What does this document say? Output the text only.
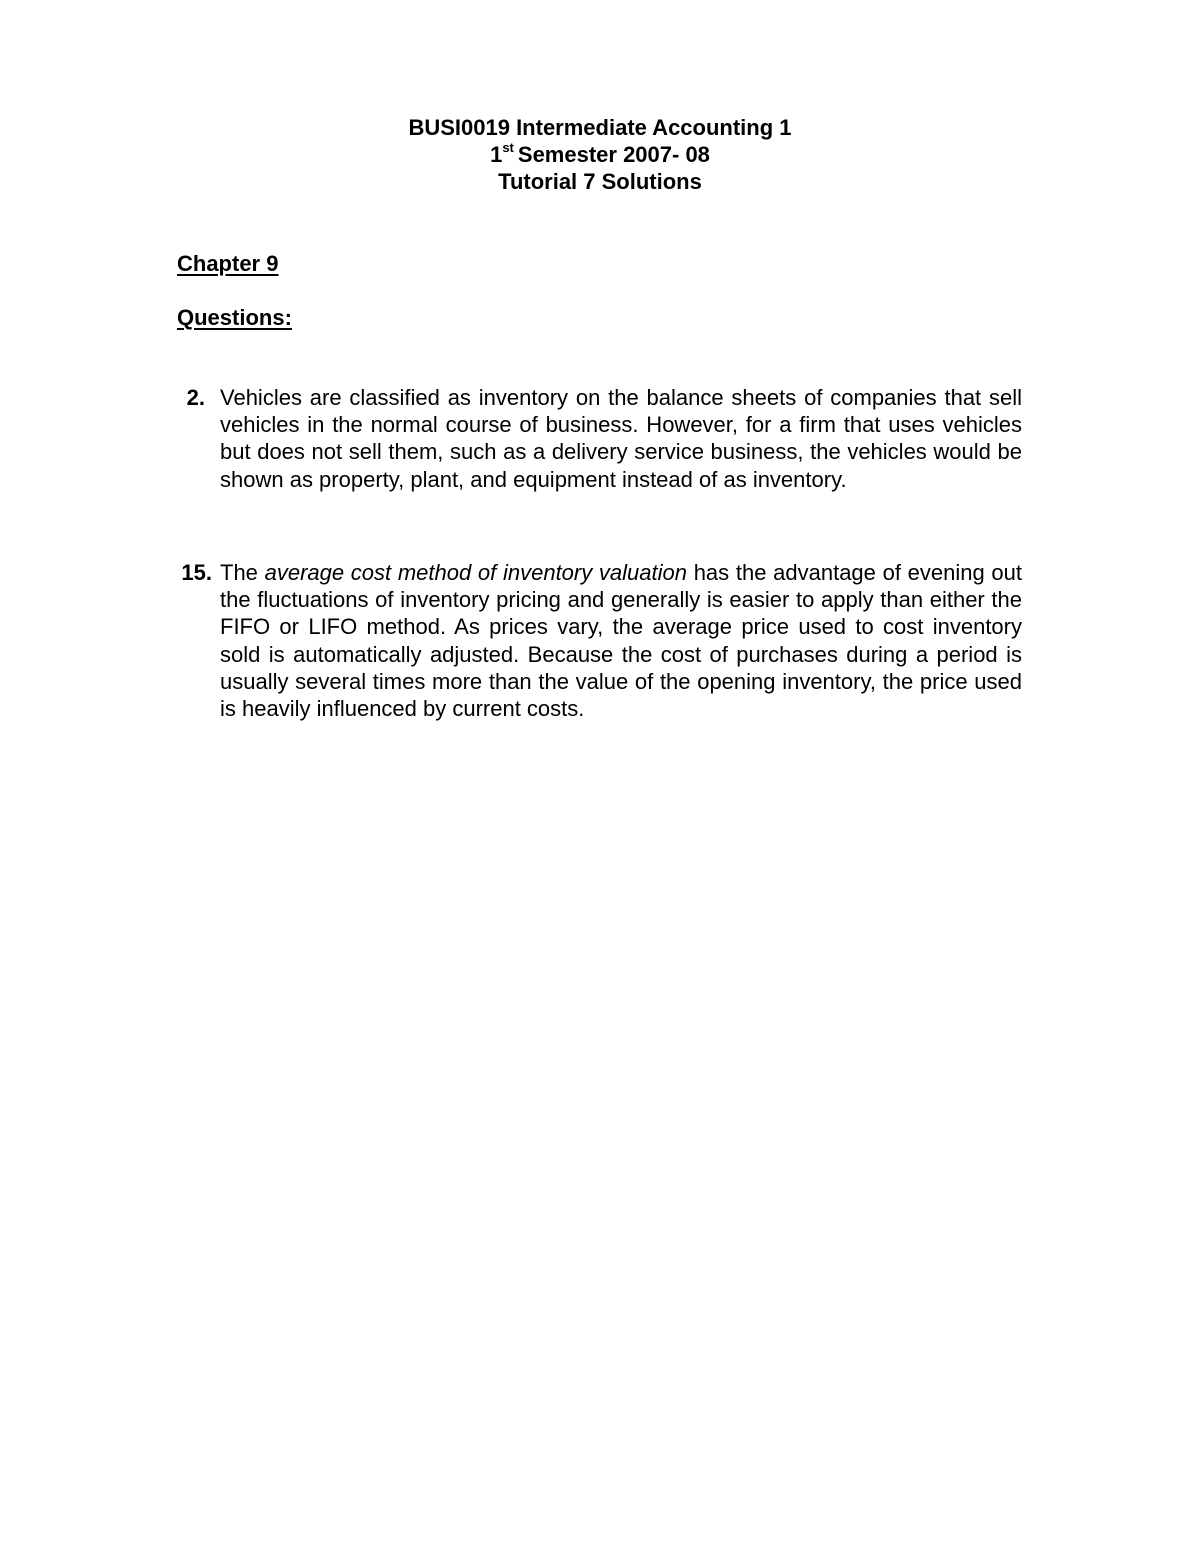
BUSI0019 Intermediate Accounting 1
1st Semester 2007- 08
Tutorial 7 Solutions
Chapter 9
Questions:
2. Vehicles are classified as inventory on the balance sheets of companies that sell vehicles in the normal course of business. However, for a firm that uses vehicles but does not sell them, such as a delivery service business, the vehicles would be shown as property, plant, and equipment instead of as inventory.
15. The average cost method of inventory valuation has the advantage of evening out the fluctuations of inventory pricing and generally is easier to apply than either the FIFO or LIFO method. As prices vary, the average price used to cost inventory sold is automatically adjusted. Because the cost of purchases during a period is usually several times more than the value of the opening inventory, the price used is heavily influenced by current costs.
